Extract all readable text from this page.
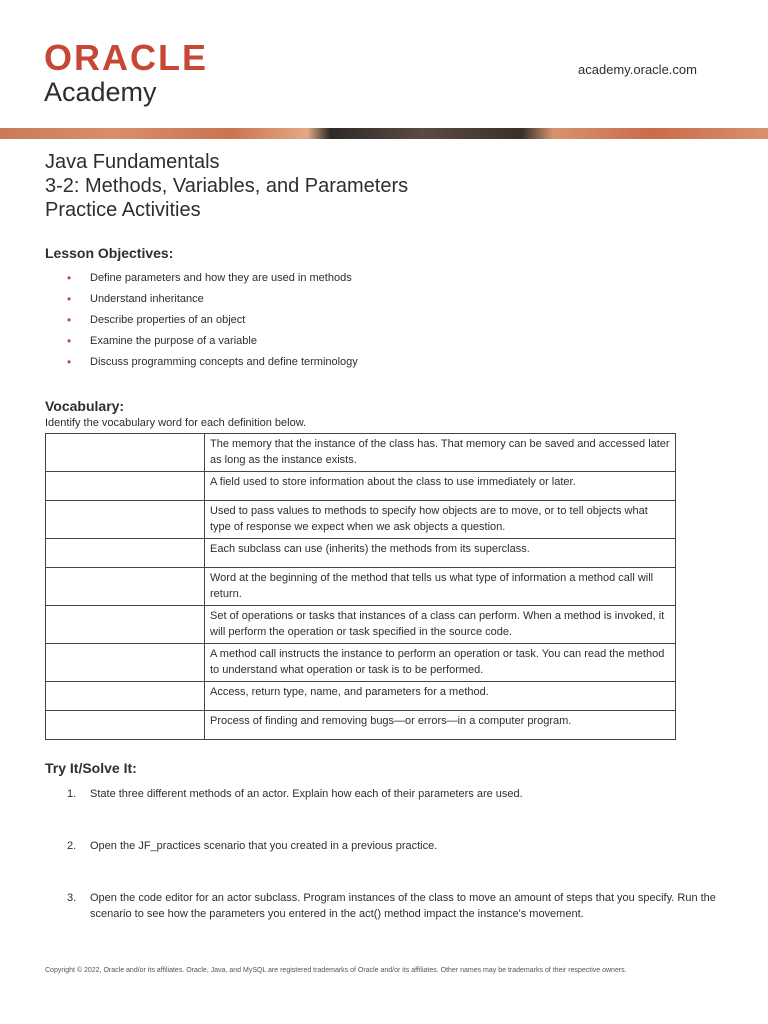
ORACLE
Academy
academy.oracle.com
Java Fundamentals
3-2: Methods, Variables, and Parameters
Practice Activities
Lesson Objectives:
• Define parameters and how they are used in methods
• Understand inheritance
• Describe properties of an object
• Examine the purpose of a variable
• Discuss programming concepts and define terminology
Vocabulary:
Identify the vocabulary word for each definition below.
	The memory that the instance of the class has. That memory can be saved and accessed later as long as the instance exists.
	A field used to store information about the class to use immediately or later.
	Used to pass values to methods to specify how objects are to move, or to tell objects what type of response we expect when we ask objects a question.
	Each subclass can use (inherits) the methods from its superclass.
	Word at the beginning of the method that tells us what type of information a method call will return.
	Set of operations or tasks that instances of a class can perform. When a method is invoked, it will perform the operation or task specified in the source code.
	A method call instructs the instance to perform an operation or task. You can read the method to understand what operation or task is to be performed.
	Access, return type, name, and parameters for a method.
	Process of finding and removing bugs—or errors—in a computer program.
Try It/Solve It:
1. State three different methods of an actor. Explain how each of their parameters are used.
2. Open the JF_practices scenario that you created in a previous practice.
3. Open the code editor for an actor subclass. Program instances of the class to move an amount of steps that you specify. Run the scenario to see how the parameters you entered in the act() method impact the instance's movement.
Copyright © 2022, Oracle and/or its affiliates. Oracle, Java, and MySQL are registered trademarks of Oracle and/or its affiliates. Other names may be trademarks of their respective owners.
